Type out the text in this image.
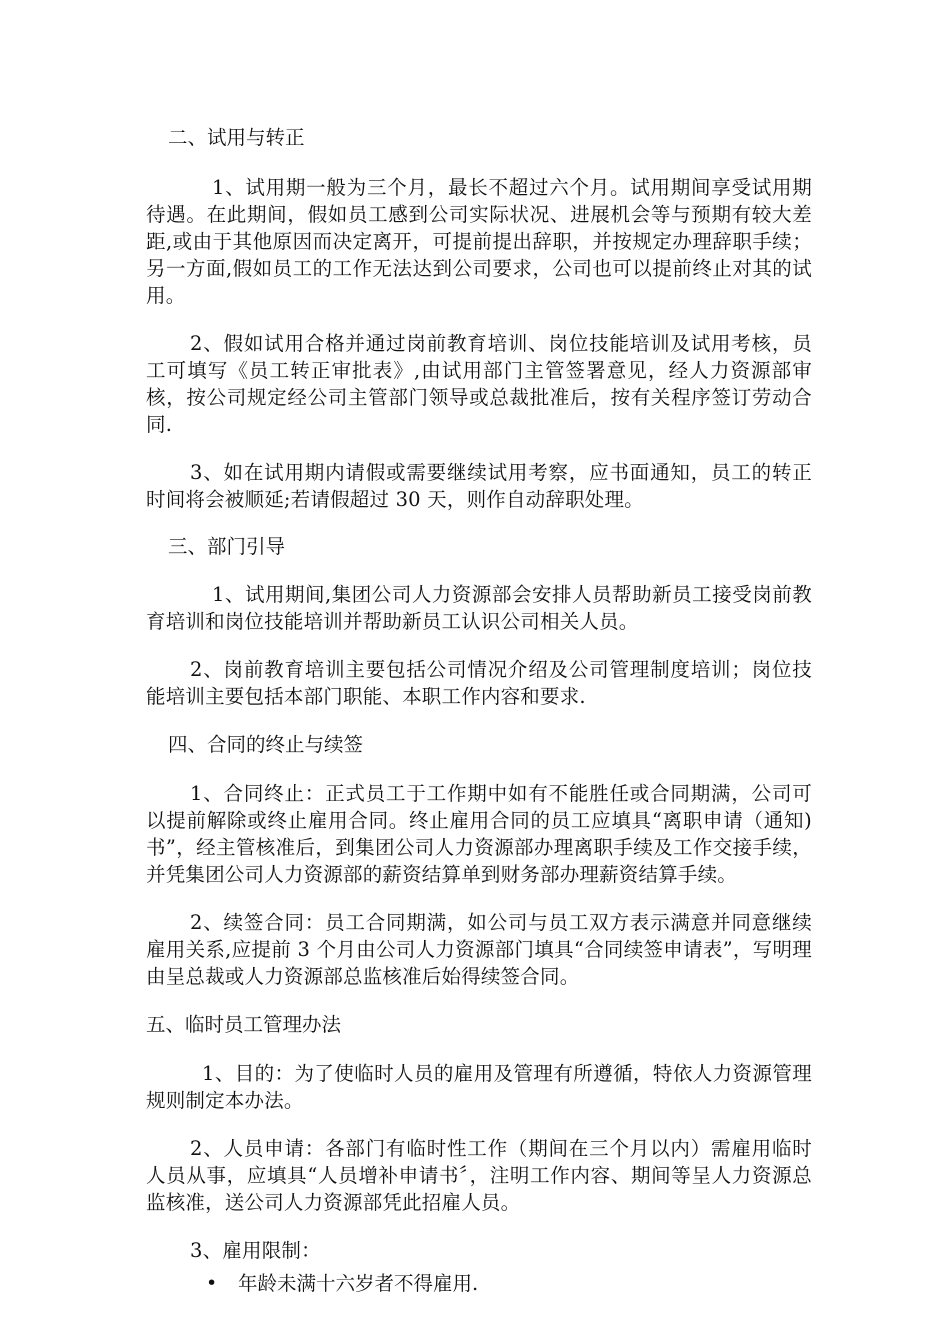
二、试用与转正

1、试用期一般为三个月，最长不超过六个月。试用期间享受试用期待遇。在此期间，假如员工感到公司实际状况、进展机会等与预期有较大差距,或由于其他原因而决定离开，可提前提出辞职，并按规定办理辞职手续；另一方面,假如员工的工作无法达到公司要求，公司也可以提前终止对其的试用。

2、假如试用合格并通过岗前教育培训、岗位技能培训及试用考核，员工可填写《员工转正审批表》,由试用部门主管签署意见，经人力资源部审核，按公司规定经公司主管部门领导或总裁批准后，按有关程序签订劳动合同.

3、如在试用期内请假或需要继续试用考察，应书面通知，员工的转正时间将会被顺延;若请假超过 30 天，则作自动辞职处理。

三、部门引导

1、试用期间,集团公司人力资源部会安排人员帮助新员工接受岗前教育培训和岗位技能培训并帮助新员工认识公司相关人员。

2、岗前教育培训主要包括公司情况介绍及公司管理制度培训；岗位技能培训主要包括本部门职能、本职工作内容和要求.

四、合同的终止与续签

1、合同终止：正式员工于工作期中如有不能胜任或合同期满，公司可以提前解除或终止雇用合同。终止雇用合同的员工应填具“离职申请（通知)书”，经主管核准后，到集团公司人力资源部办理离职手续及工作交接手续，并凭集团公司人力资源部的薪资结算单到财务部办理薪资结算手续。

2、续签合同：员工合同期满，如公司与员工双方表示满意并同意继续雇用关系,应提前 3 个月由公司人力资源部门填具“合同续签申请表”，写明理由呈总裁或人力资源部总监核准后始得续签合同。

五、临时员工管理办法

1、目的：为了使临时人员的雇用及管理有所遵循，特依人力资源管理规则制定本办法。

2、人员申请：各部门有临时性工作（期间在三个月以内）需雇用临时人员从事，应填具“人员增补申请书〞，注明工作内容、期间等呈人力资源总监核准，送公司人力资源部凭此招雇人员。

3、雇用限制：

• 年龄未满十六岁者不得雇用.
